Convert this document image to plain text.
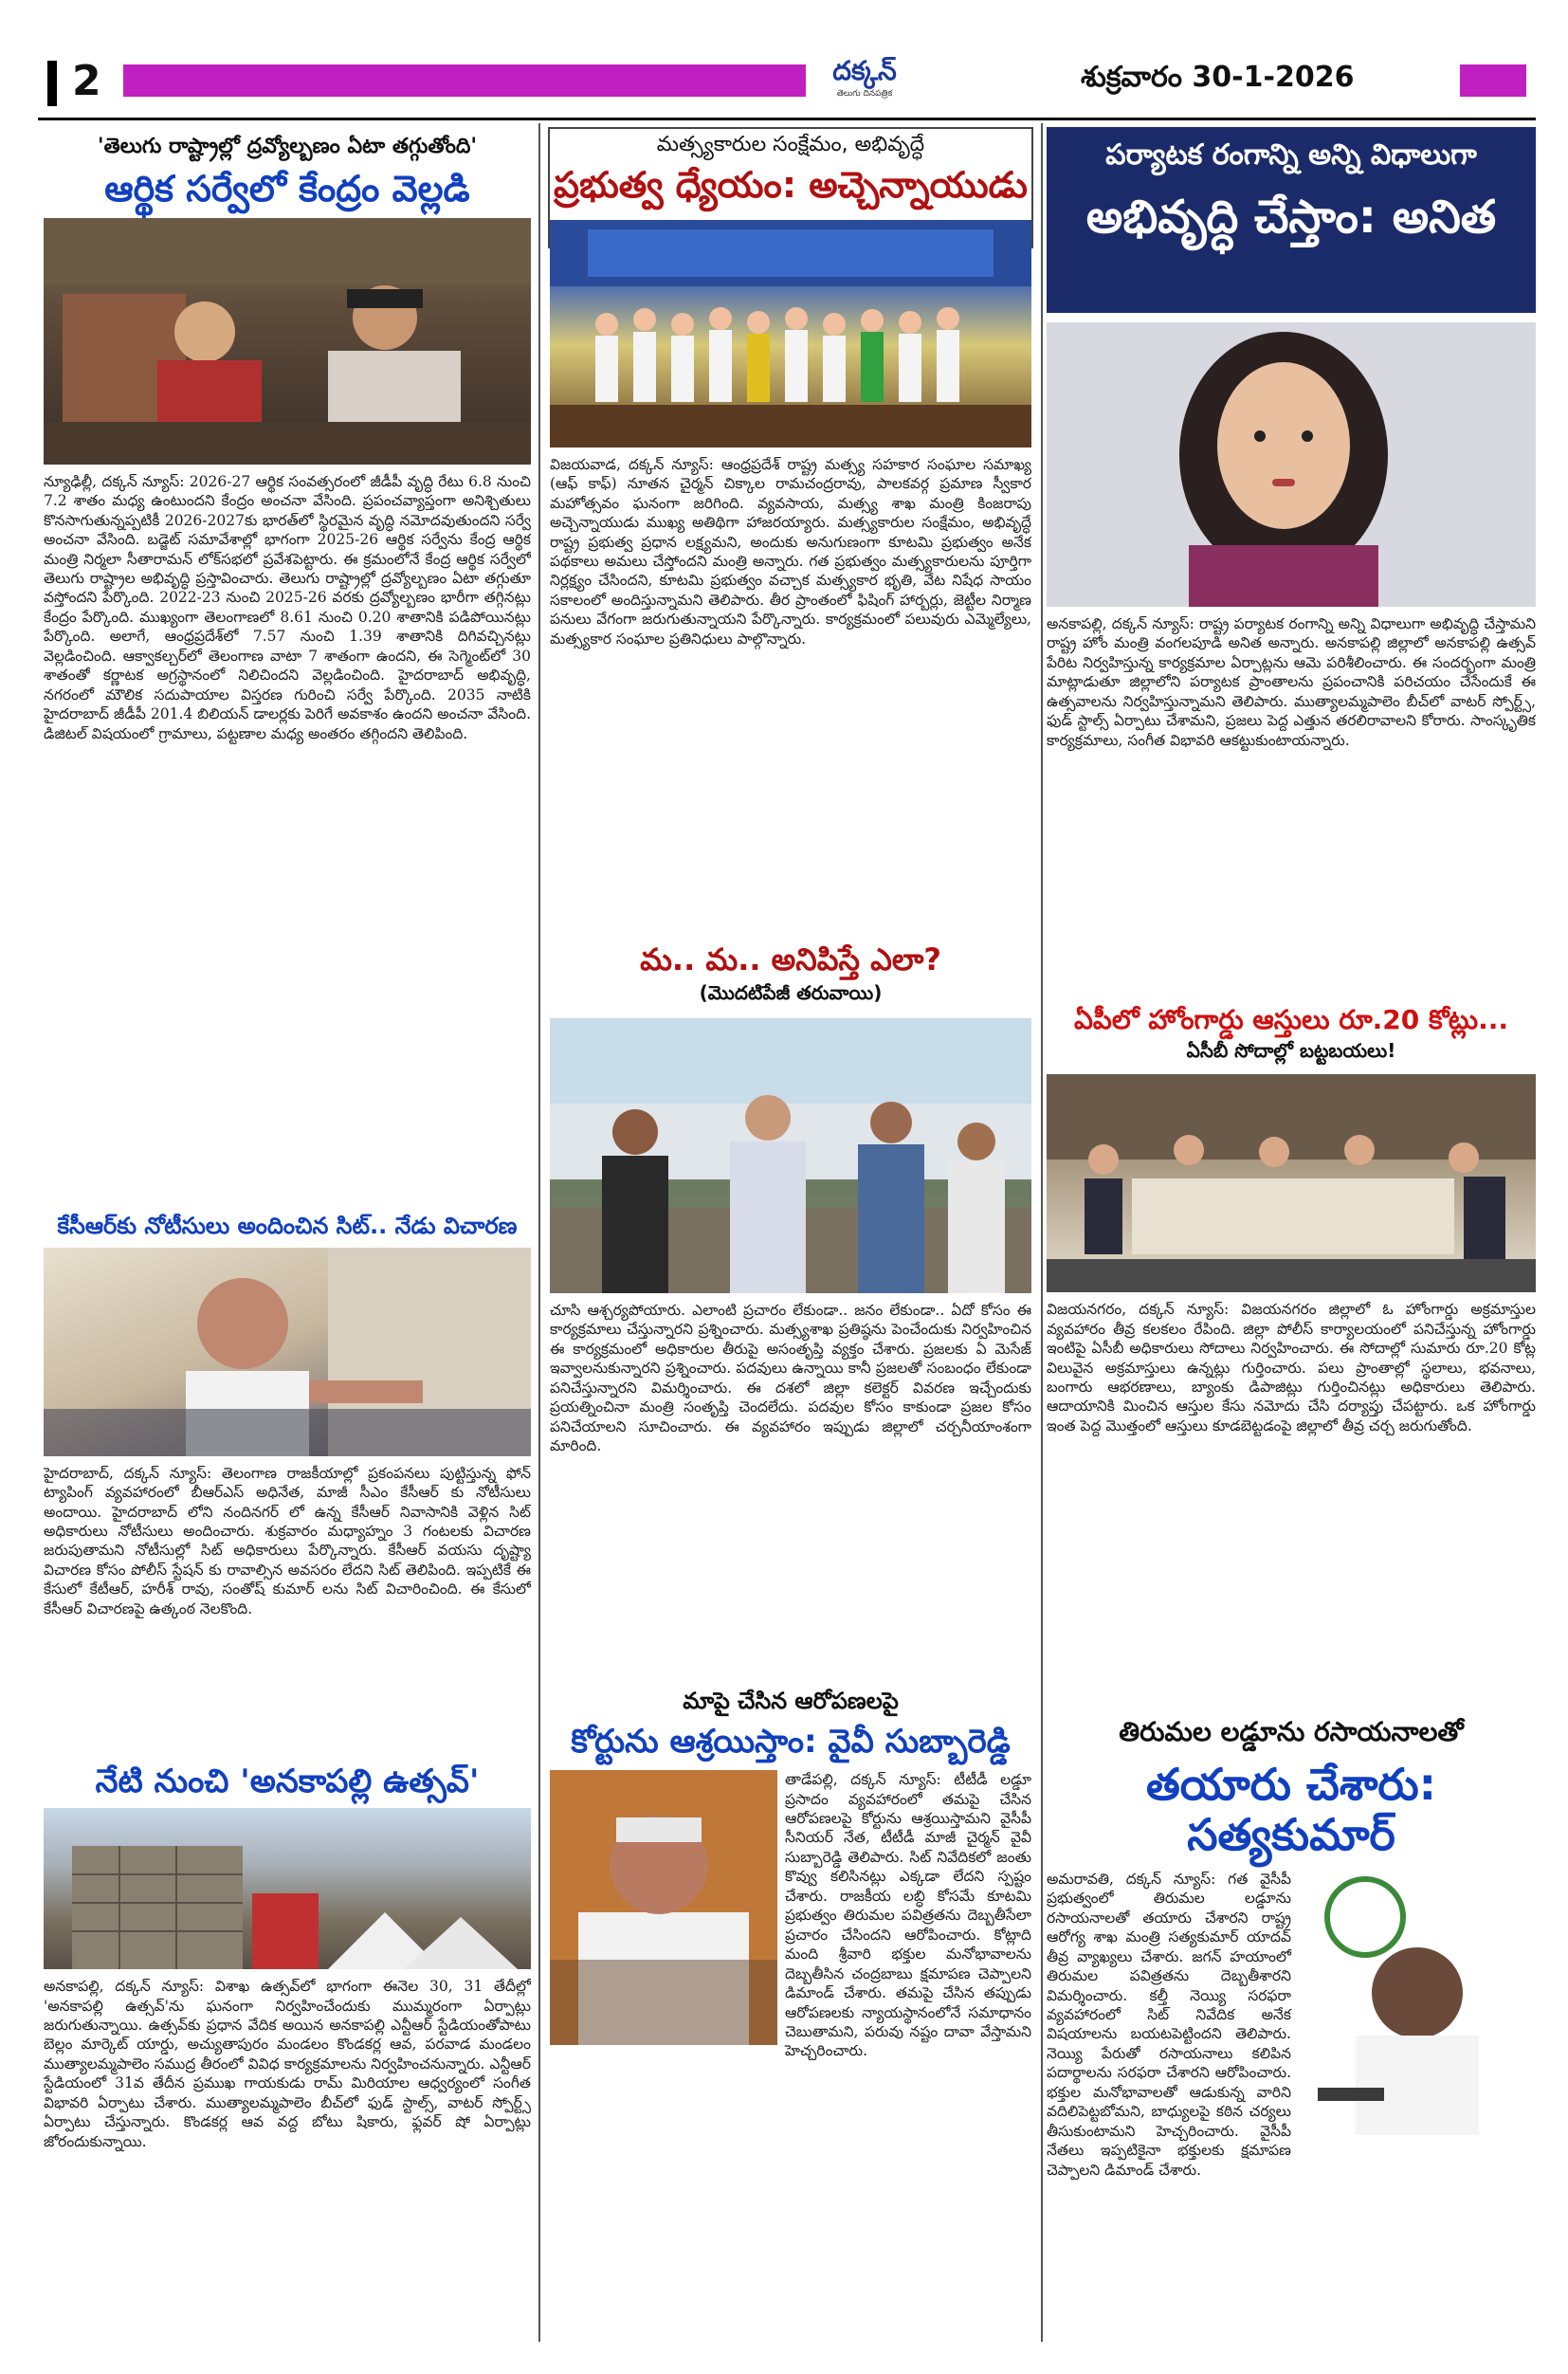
2	దక్కన్
తెలుగు దినపత్రిక	శుక్రవారం 30-1-2026
'తెలుగు రాష్ట్రాల్లో ద్రవ్యోల్బణం ఏటా తగ్గుతోంది'
ఆర్థిక సర్వేలో కేంద్రం వెల్లడి
న్యూఢిల్లీ, దక్కన్ న్యూస్: 2026-27 ఆర్థిక సంవత్సరంలో జీడీపీ వృద్ధి రేటు 6.8 నుంచి 7.2 శాతం మధ్య ఉంటుందని కేంద్రం అంచనా వేసింది. ప్రపంచవ్యాప్తంగా అనిశ్చితులు కొనసాగుతున్నప్పటికీ 2026-2027కు భారత్‌లో స్థిరమైన వృద్ధి నమోదవుతుందని సర్వే అంచనా వేసింది. బడ్జెట్ సమావేశాల్లో భాగంగా 2025-26 ఆర్థిక సర్వేను కేంద్ర ఆర్థిక మంత్రి నిర్మలా సీతారామన్ లోక్‌సభలో ప్రవేశపెట్టారు. ఈ క్రమంలోనే కేంద్ర ఆర్థిక సర్వేలో తెలుగు రాష్ట్రాల అభివృద్ధి ప్రస్తావించారు. తెలుగు రాష్ట్రాల్లో ద్రవ్యోల్బణం ఏటా తగ్గుతూ వస్తోందని పేర్కొంది. 2022-23 నుంచి 2025-26 వరకు ద్రవ్యోల్బణం భారీగా తగ్గినట్లు కేంద్రం పేర్కొంది. ముఖ్యంగా తెలంగాణలో 8.61 నుంచి 0.20 శాతానికి పడిపోయినట్లు పేర్కొంది. అలాగే, ఆంధ్రప్రదేశ్‌లో 7.57 నుంచి 1.39 శాతానికి దిగివచ్చినట్లు వెల్లడించింది. ఆక్వాకల్చర్‌లో తెలంగాణ వాటా 7 శాతంగా ఉందని, ఈ సెగ్మెంట్‌లో 30 శాతంతో కర్ణాటక అగ్రస్థానంలో నిలిచిందని వెల్లడించింది. హైదరాబాద్ అభివృద్ధి, నగరంలో మౌలిక సదుపాయాల విస్తరణ గురించి సర్వే పేర్కొంది. 2035 నాటికి హైదరాబాద్ జీడీపీ 201.4 బిలియన్ డాలర్లకు పెరిగే అవకాశం ఉందని అంచనా వేసింది. డిజిటల్ విషయంలో గ్రామాలు, పట్టణాల మధ్య అంతరం తగ్గిందని తెలిపింది.
కేసీఆర్‌కు నోటీసులు అందించిన సిట్.. నేడు విచారణ
హైదరాబాద్, దక్కన్ న్యూస్: తెలంగాణ రాజకీయాల్లో ప్రకంపనలు పుట్టిస్తున్న ఫోన్ ట్యాపింగ్ వ్యవహారంలో బీఆర్ఎస్ అధినేత, మాజీ సీఎం కేసీఆర్ కు నోటీసులు అందాయి. హైదరాబాద్ లోని నందినగర్ లో ఉన్న కేసీఆర్ నివాసానికి వెళ్లిన సిట్ అధికారులు నోటీసులు అందించారు. శుక్రవారం మధ్యాహ్నం 3 గంటలకు విచారణ జరుపుతామని నోటీసుల్లో సిట్ అధికారులు పేర్కొన్నారు. కేసీఆర్ వయసు దృష్ట్యా విచారణ కోసం పోలీస్ స్టేషన్ కు రావాల్సిన అవసరం లేదని సిట్ తెలిపింది. ఇప్పటికే ఈ కేసులో కేటీఆర్, హరీశ్ రావు, సంతోష్ కుమార్ లను సిట్ విచారించింది. ఈ కేసులో కేసీఆర్ విచారణపై ఉత్కంఠ నెలకొంది.
నేటి నుంచి 'అనకాపల్లి ఉత్సవ్'
అనకాపల్లి, దక్కన్ న్యూస్: విశాఖ ఉత్సవ్‌లో భాగంగా ఈనెల 30, 31 తేదీల్లో 'అనకాపల్లి ఉత్సవ్'ను ఘనంగా నిర్వహించేందుకు ముమ్మరంగా ఏర్పాట్లు జరుగుతున్నాయి. ఉత్సవ్‌కు ప్రధాన వేదిక అయిన అనకాపల్లి ఎన్టీఆర్ స్టేడియంతోపాటు బెల్లం మార్కెట్ యార్డు, అచ్యుతాపురం మండలం కొండకర్ల ఆవ, పరవాడ మండలం ముత్యాలమ్మపాలెం సముద్ర తీరంలో వివిధ కార్యక్రమాలను నిర్వహించనున్నారు. ఎన్టీఆర్ స్టేడియంలో 31వ తేదీన ప్రముఖ గాయకుడు రామ్ మిరియాల ఆధ్వర్యంలో సంగీత విభావరి ఏర్పాటు చేశారు. ముత్యాలమ్మపాలెం బీచ్‌లో ఫుడ్ స్టాల్స్, వాటర్ స్పోర్ట్స్ ఏర్పాటు చేస్తున్నారు. కొండకర్ల ఆవ వద్ద బోటు షికారు, ఫ్లవర్ షో ఏర్పాట్లు జోరందుకున్నాయి.
మత్స్యకారుల సంక్షేమం, అభివృద్ధే
ప్రభుత్వ ధ్యేయం: అచ్చెన్నాయుడు
విజయవాడ, దక్కన్ న్యూస్: ఆంధ్రప్రదేశ్ రాష్ట్ర మత్స్య సహకార సంఘాల సమాఖ్య (ఆఫ్ కాఫ్) నూతన చైర్మన్ చిక్కాల రామచంద్రరావు, పాలకవర్గ ప్రమాణ స్వీకార మహోత్సవం ఘనంగా జరిగింది. వ్యవసాయ, మత్స్య శాఖ మంత్రి కింజరాపు అచ్చెన్నాయుడు ముఖ్య అతిథిగా హాజరయ్యారు. మత్స్యకారుల సంక్షేమం, అభివృద్ధే రాష్ట్ర ప్రభుత్వ ప్రధాన లక్ష్యమని, అందుకు అనుగుణంగా కూటమి ప్రభుత్వం అనేక పథకాలు అమలు చేస్తోందని మంత్రి అన్నారు. గత ప్రభుత్వం మత్స్యకారులను పూర్తిగా నిర్లక్ష్యం చేసిందని, కూటమి ప్రభుత్వం వచ్చాక మత్స్యకార భృతి, వేట నిషేధ సాయం సకాలంలో అందిస్తున్నామని తెలిపారు. తీర ప్రాంతంలో ఫిషింగ్ హార్బర్లు, జెట్టీల నిర్మాణ పనులు వేగంగా జరుగుతున్నాయని పేర్కొన్నారు. కార్యక్రమంలో పలువురు ఎమ్మెల్యేలు, మత్స్యకార సంఘాల ప్రతినిధులు పాల్గొన్నారు.
మ.. మ.. అనిపిస్తే ఎలా?
(మొదటిపేజీ తరువాయి)
చూసి ఆశ్చర్యపోయారు. ఎలాంటి ప్రచారం లేకుండా.. జనం లేకుండా.. ఏదో కోసం ఈ కార్యక్రమాలు చేస్తున్నారని ప్రశ్నించారు. మత్స్యశాఖ ప్రతిష్ఠను పెంచేందుకు నిర్వహించిన ఈ కార్యక్రమంలో అధికారుల తీరుపై అసంతృప్తి వ్యక్తం చేశారు. ప్రజలకు ఏ మెసేజ్ ఇవ్వాలనుకున్నారని ప్రశ్నించారు. పదవులు ఉన్నాయి కానీ ప్రజలతో సంబంధం లేకుండా పనిచేస్తున్నారని విమర్శించారు. ఈ దశలో జిల్లా కలెక్టర్ వివరణ ఇచ్చేందుకు ప్రయత్నించినా మంత్రి సంతృప్తి చెందలేదు. పదవుల కోసం కాకుండా ప్రజల కోసం పనిచేయాలని సూచించారు. ఈ వ్యవహారం ఇప్పుడు జిల్లాలో చర్చనీయాంశంగా మారింది.
మాపై చేసిన ఆరోపణలపై
కోర్టును ఆశ్రయిస్తాం: వైవీ సుబ్బారెడ్డి
తాడేపల్లి, దక్కన్ న్యూస్: టీటీడీ లడ్డూ ప్రసాదం వ్యవహారంలో తమపై చేసిన ఆరోపణలపై కోర్టును ఆశ్రయిస్తామని వైసీపీ సీనియర్ నేత, టీటీడీ మాజీ చైర్మన్ వైవీ సుబ్బారెడ్డి తెలిపారు. సిట్ నివేదికలో జంతు కొవ్వు కలిసినట్లు ఎక్కడా లేదని స్పష్టం చేశారు. రాజకీయ లబ్ధి కోసమే కూటమి ప్రభుత్వం తిరుమల పవిత్రతను దెబ్బతీసేలా ప్రచారం చేసిందని ఆరోపించారు. కోట్లాది మంది శ్రీవారి భక్తుల మనోభావాలను దెబ్బతీసిన చంద్రబాబు క్షమాపణ చెప్పాలని డిమాండ్ చేశారు. తమపై చేసిన తప్పుడు ఆరోపణలకు న్యాయస్థానంలోనే సమాధానం చెబుతామని, పరువు నష్టం దావా వేస్తామని హెచ్చరించారు.
పర్యాటక రంగాన్ని అన్ని విధాలుగా
అభివృద్ధి చేస్తాం: అనిత
అనకాపల్లి, దక్కన్ న్యూస్: రాష్ట్ర పర్యాటక రంగాన్ని అన్ని విధాలుగా అభివృద్ధి చేస్తామని రాష్ట్ర హోం మంత్రి వంగలపూడి అనిత అన్నారు. అనకాపల్లి జిల్లాలో అనకాపల్లి ఉత్సవ్ పేరిట నిర్వహిస్తున్న కార్యక్రమాల ఏర్పాట్లను ఆమె పరిశీలించారు. ఈ సందర్భంగా మంత్రి మాట్లాడుతూ జిల్లాలోని పర్యాటక ప్రాంతాలను ప్రపంచానికి పరిచయం చేసేందుకే ఈ ఉత్సవాలను నిర్వహిస్తున్నామని తెలిపారు. ముత్యాలమ్మపాలెం బీచ్‌లో వాటర్ స్పోర్ట్స్, ఫుడ్ స్టాల్స్ ఏర్పాటు చేశామని, ప్రజలు పెద్ద ఎత్తున తరలిరావాలని కోరారు. సాంస్కృతిక కార్యక్రమాలు, సంగీత విభావరి ఆకట్టుకుంటాయన్నారు.
ఏపీలో హోంగార్డు ఆస్తులు రూ.20 కోట్లు...
ఏసీబీ సోదాల్లో బట్టబయలు!
విజయనగరం, దక్కన్ న్యూస్: విజయనగరం జిల్లాలో ఓ హోంగార్డు అక్రమాస్తుల వ్యవహారం తీవ్ర కలకలం రేపింది. జిల్లా పోలీస్ కార్యాలయంలో పనిచేస్తున్న హోంగార్డు ఇంటిపై ఏసీబీ అధికారులు సోదాలు నిర్వహించారు. ఈ సోదాల్లో సుమారు రూ.20 కోట్ల విలువైన అక్రమాస్తులు ఉన్నట్లు గుర్తించారు. పలు ప్రాంతాల్లో స్థలాలు, భవనాలు, బంగారు ఆభరణాలు, బ్యాంకు డిపాజిట్లు గుర్తించినట్లు అధికారులు తెలిపారు. ఆదాయానికి మించిన ఆస్తుల కేసు నమోదు చేసి దర్యాప్తు చేపట్టారు. ఒక హోంగార్డు ఇంత పెద్ద మొత్తంలో ఆస్తులు కూడబెట్టడంపై జిల్లాలో తీవ్ర చర్చ జరుగుతోంది.
తిరుమల లడ్డూను రసాయనాలతో
తయారు చేశారు: సత్యకుమార్
అమరావతి, దక్కన్ న్యూస్: గత వైసీపీ ప్రభుత్వంలో తిరుమల లడ్డూను రసాయనాలతో తయారు చేశారని రాష్ట్ర ఆరోగ్య శాఖ మంత్రి సత్యకుమార్ యాదవ్ తీవ్ర వ్యాఖ్యలు చేశారు. జగన్ హయాంలో తిరుమల పవిత్రతను దెబ్బతీశారని విమర్శించారు. కల్తీ నెయ్యి సరఫరా వ్యవహారంలో సిట్ నివేదిక అనేక విషయాలను బయటపెట్టిందని తెలిపారు. నెయ్యి పేరుతో రసాయనాలు కలిపిన పదార్థాలను సరఫరా చేశారని ఆరోపించారు. భక్తుల మనోభావాలతో ఆడుకున్న వారిని వదిలిపెట్టబోమని, బాధ్యులపై కఠిన చర్యలు తీసుకుంటామని హెచ్చరించారు. వైసీపీ నేతలు ఇప్పటికైనా భక్తులకు క్షమాపణ చెప్పాలని డిమాండ్ చేశారు.
